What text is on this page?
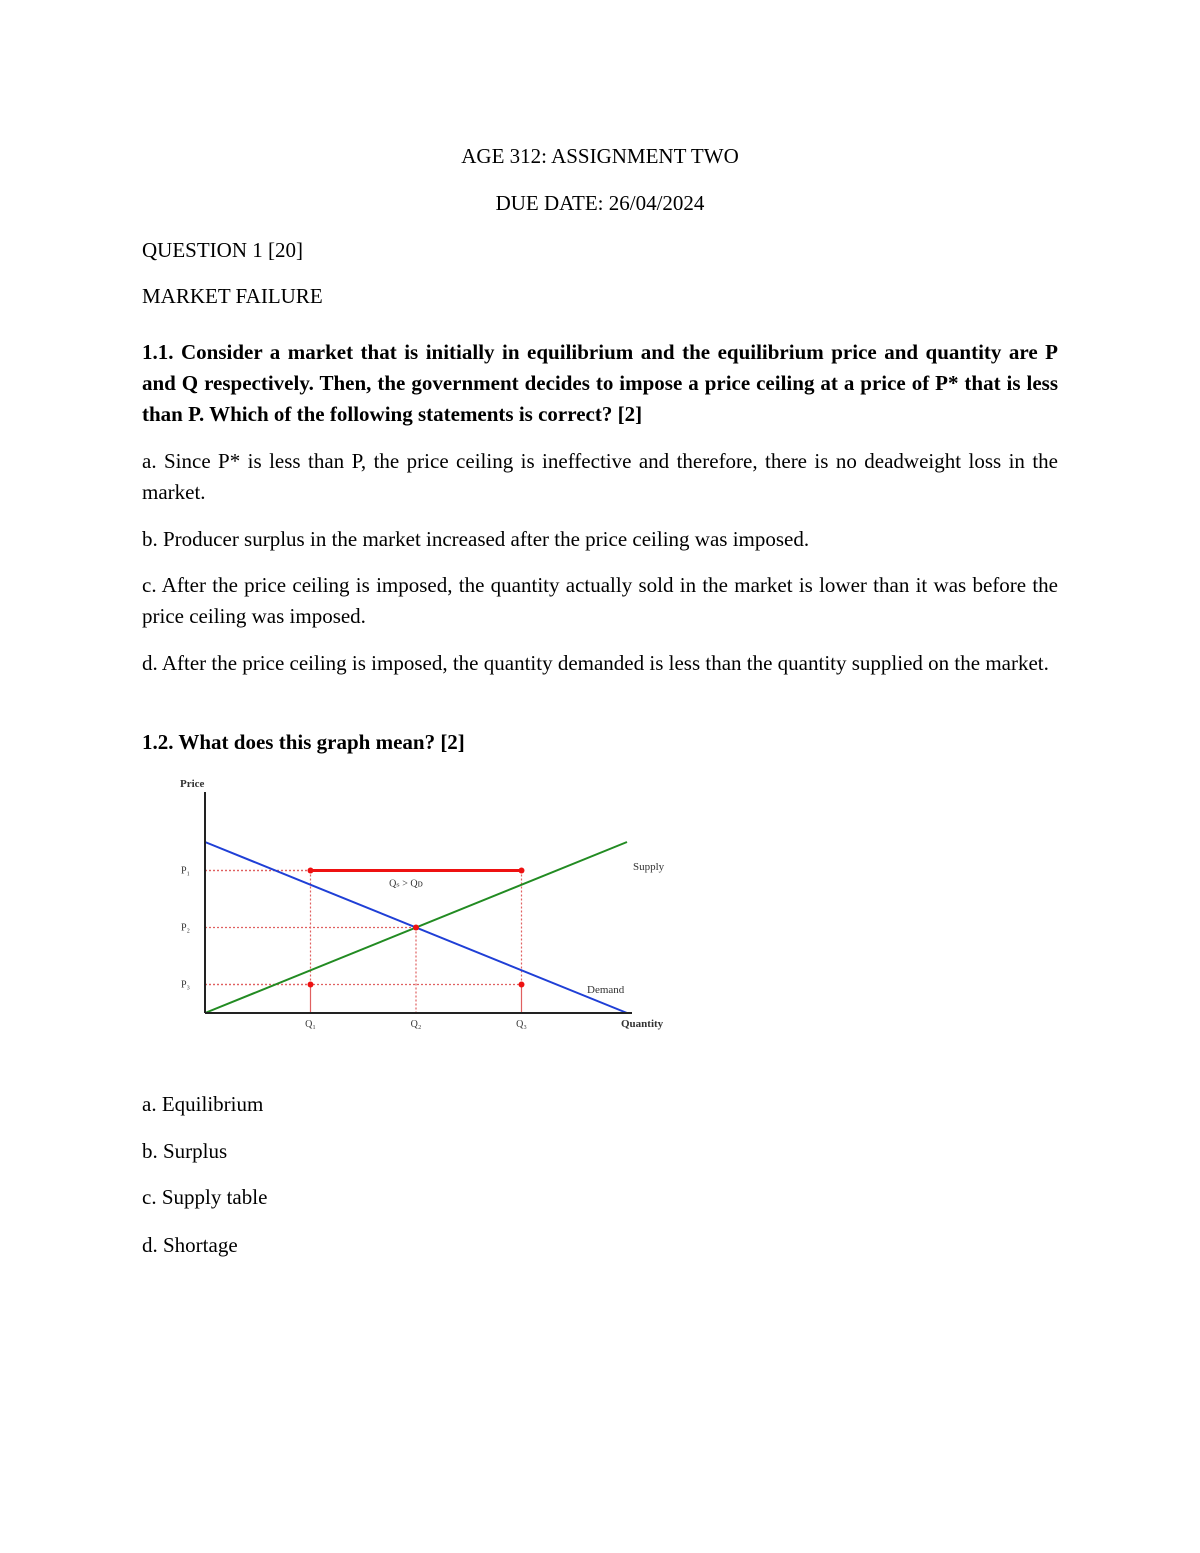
AGE 312: ASSIGNMENT TWO
DUE DATE: 26/04/2024
QUESTION 1 [20]
MARKET FAILURE
1.1. Consider a market that is initially in equilibrium and the equilibrium price and quantity are P and Q respectively. Then, the government decides to impose a price ceiling at a price of P* that is less than P. Which of the following statements is correct? [2]
a. Since P* is less than P, the price ceiling is ineffective and therefore, there is no deadweight loss in the market.
b. Producer surplus in the market increased after the price ceiling was imposed.
c. After the price ceiling is imposed, the quantity actually sold in the market is lower than it was before the price ceiling was imposed.
d. After the price ceiling is imposed, the quantity demanded is less than the quantity supplied on the market.
1.2. What does this graph mean? [2]
Price
Quantity
Q₁	Q₂	Q₃
P₃
P₂
P₁	Supply
Demand
Qₛ > Qᴅ
a. Equilibrium
b. Surplus
c. Supply table
d. Shortage
